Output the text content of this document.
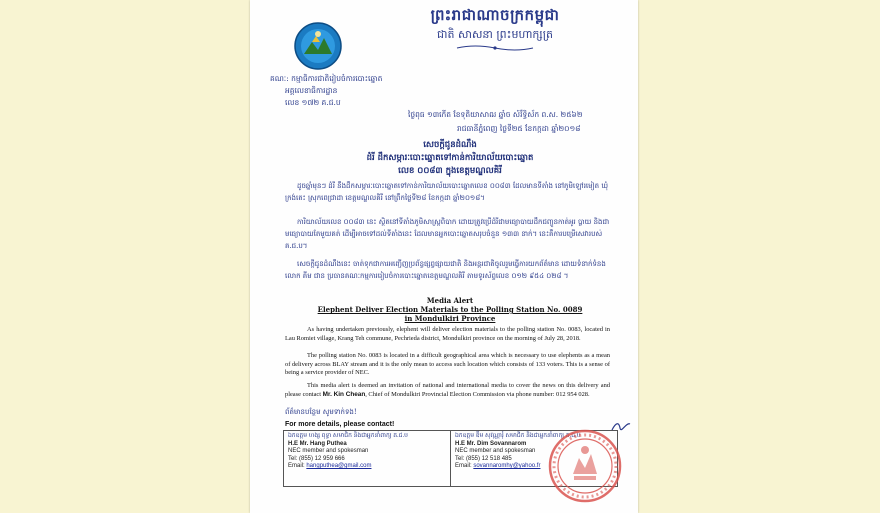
ព្រះរាជាណាចក្រកម្ពុជា
ជាតិ សាសនា ព្រះមហាក្សត្រ
គណៈ: កម្មាធិការជាតិរៀបចំការបោះឆ្នោត
អគ្គលេខាធិការដ្ឋាន
លេខ ១៧២ គ.ជ.ប
ថ្ងៃពុធ ១៣កើត ខែទុតិយាសាឍ ឆ្នាំច សំរឹទ្ធិស័ក ព.ស. ២៥៦២
រាជធានីភ្នំពេញ ថ្ងៃទី២៥ ខែកក្កដា ឆ្នាំ២០១៨
សេចក្តីជូនដំណឹង
ដំរី ដឹកសម្ភារៈបោះឆ្នោតទៅកាន់ការិយាល័យបោះឆ្នោត
លេខ ០០៨៣ ក្នុងខេត្តមណ្ឌលគិរី
ដូចឆ្នាំមុនៗ ដំរី នឹងដឹកសម្ភារៈបោះឆ្នោតទៅកាន់ការិយាល័យបោះឆ្នោតលេខ ០០៨៣ ដែលមានទីតាំង នៅភូមិឡៅរមៀត ឃុំក្រង់តេះ ស្រុកពេជ្រាដា ខេត្តមណ្ឌលគិរី នៅព្រឹកថ្ងៃទី២៨ ខែកក្កដា ឆ្នាំ២០១៨។
ការិយាល័យលេខ ០០៨៣ នេះ ស្ថិតនៅទីតាំងភូមិសាស្ត្រពិបាក ដោយត្រូវប្រើដំរីជាមធ្យោបាយដឹកជញ្ជូនកាត់អូរ ប្លាយ និងជាមធ្យោបាយតែមួយគត់ ដើម្បីអាចទៅដល់ទីតាំងនេះ ដែលមានអ្នកបោះឆ្នោតសរុបចំនួន ១៣៣ នាក់។ នេះគឺការបម្រើសេវារបស់ គ.ជ.ប។
សេចក្តីជូនដំណឹងនេះ ចាត់ទុកជាការអញ្ជើញប្រព័ន្ធផ្សព្វផ្សាយជាតិ និងអន្តរជាតិចូលរួមធ្វើការយកព័ត៌មាន ដោយទំនាក់ទំនងលោក គីម ជាន ប្រធានគណៈកម្មការរៀបចំការបោះឆ្នោតខេត្តមណ្ឌលគិរី តាមទូរស័ព្ទលេខ ០១២ ៩៥៤ ០២៨ ។
Media Alert
Elephent Deliver Election Materials to the Polling Station No. 0089
in Mondulkiri Province
As having undertaken previously, elephent will deliver election materials to the polling station No. 0083, located in Lau Romiet village, Krang Teh commune, Pechrieda district, Mondulkiri province on the morning of July 28, 2018.
The polling station No. 0083 is located in a difficult geographical area which is necessary to use elephents as a mean of delivery across BLAY stream and it is the only mean to access such location which consists of 133 voters. This is a sense of being a service provider of NEC.
This media alert is deemed an invitation of national and international media to cover the news on this delivery and please contact Mr. Kin Chean, Chief of Mondulkiri Provincial Election Commission via phone number: 012 954 028.
ព័ត៌មានបន្ថែម សូមទាក់ទង!
For more details, please contact!
ឯកឧត្តម ហង្ស ពុទ្ធា សមាជិក និងជាអ្នកនាំពាក្យ គ.ជ.ប
H.E Mr. Hang Puthea
NEC member and spokesman
Tel: (855) 12 959 666
Email: hangputhea@gmail.com
ឯកឧត្តម ឌឹម សុវណ្ណារុំ សមាជិក និងជាអ្នកនាំពាក្យ គ.ជ.ប
H.E Mr. Dim Sovannarom
NEC member and spokesman
Tel: (855) 12 518 485
Email: sovannaromhy@yahoo.fr
